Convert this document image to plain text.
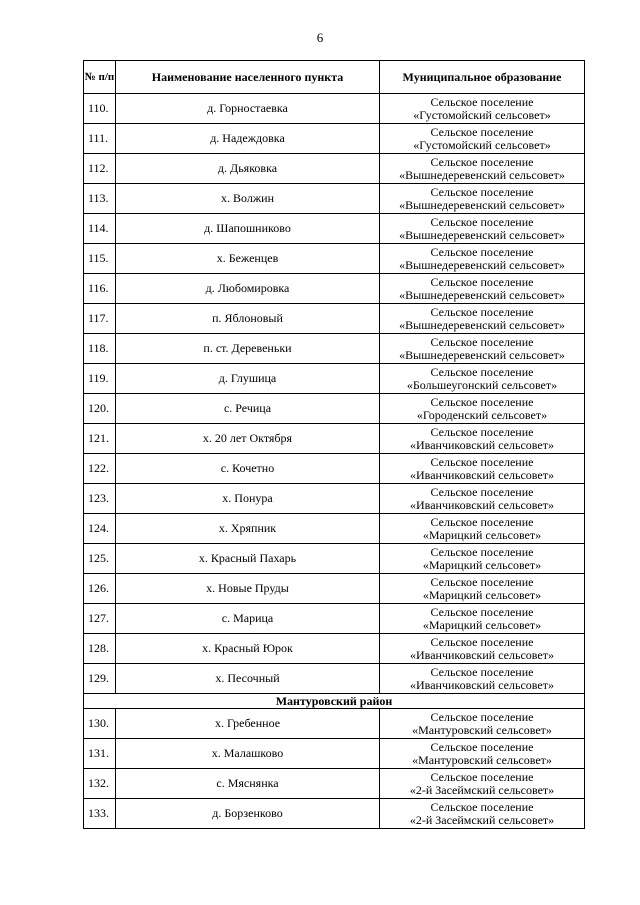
6
№ п/п	Наименование населенного пункта	Муниципальное образование
110.	д. Горностаевка	Сельское поселение
«Густомойский сельсовет»

111.	д. Надеждовка	Сельское поселение
«Густомойский сельсовет»

112.	д. Дьяковка	Сельское поселение
«Вышнедеревенский сельсовет»

113.	х. Волжин	Сельское поселение
«Вышнедеревенский сельсовет»

114.	д. Шапошниково	Сельское поселение
«Вышнедеревенский сельсовет»

115.	х. Беженцев	Сельское поселение
«Вышнедеревенский сельсовет»

116.	д. Любомировка	Сельское поселение
«Вышнедеревенский сельсовет»

117.	п. Яблоновый	Сельское поселение
«Вышнедеревенский сельсовет»

118.	п. ст. Деревеньки	Сельское поселение
«Вышнедеревенский сельсовет»

119.	д. Глушица	Сельское поселение
«Большеугонский сельсовет»

120.	с. Речица	Сельское поселение
«Городенский сельсовет»

121.	х. 20 лет Октября	Сельское поселение
«Иванчиковский сельсовет»

122.	с. Кочетно	Сельское поселение
«Иванчиковский сельсовет»

123.	х. Понура	Сельское поселение
«Иванчиковский сельсовет»

124.	х. Хряпник	Сельское поселение
«Марицкий сельсовет»

125.	х. Красный Пахарь	Сельское поселение
«Марицкий сельсовет»

126.	х. Новые Пруды	Сельское поселение
«Марицкий сельсовет»

127.	с. Марица	Сельское поселение
«Марицкий сельсовет»

128.	х. Красный Юрок	Сельское поселение
«Иванчиковский сельсовет»

129.	х. Песочный	Сельское поселение
«Иванчиковский сельсовет»

Мантуровский район		
130.	х. Гребенное	Сельское поселение
«Мантуровский сельсовет»

131.	х. Малашково	Сельское поселение
«Мантуровский сельсовет»

132.	с. Мяснянка	Сельское поселение
«2-й Засеймский сельсовет»

133.	д. Борзенково	Сельское поселение
«2-й Засеймский сельсовет»
